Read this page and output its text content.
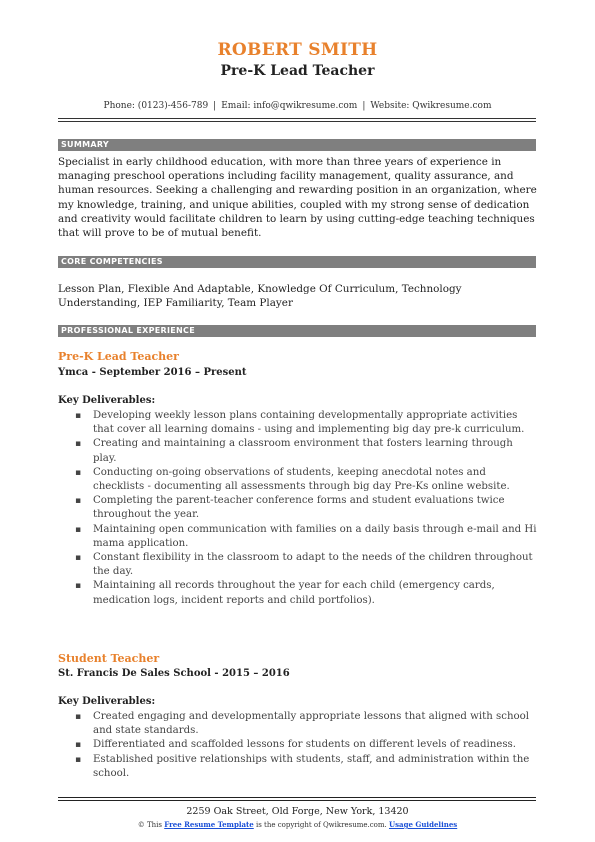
ROBERT SMITH
Pre-K Lead Teacher
Phone: (0123)-456-789 | Email: info@qwikresume.com | Website: Qwikresume.com
SUMMARY
Specialist in early childhood education, with more than three years of experience in managing preschool operations including facility management, quality assurance, and human resources. Seeking a challenging and rewarding position in an organization, where my knowledge, training, and unique abilities, coupled with my strong sense of dedication and creativity would facilitate children to learn by using cutting-edge teaching techniques that will prove to be of mutual benefit.
CORE COMPETENCIES
Lesson Plan, Flexible And Adaptable, Knowledge Of Curriculum, Technology Understanding, IEP Familiarity, Team Player
PROFESSIONAL EXPERIENCE
Pre-K Lead Teacher
Ymca - September 2016 – Present
Key Deliverables:
▪ Developing weekly lesson plans containing developmentally appropriate activities that cover all learning domains - using and implementing big day pre-k curriculum.
▪ Creating and maintaining a classroom environment that fosters learning through play.
▪ Conducting on-going observations of students, keeping anecdotal notes and checklists - documenting all assessments through big day Pre-Ks online website.
▪ Completing the parent-teacher conference forms and student evaluations twice throughout the year.
▪ Maintaining open communication with families on a daily basis through e-mail and Hi mama application.
▪ Constant flexibility in the classroom to adapt to the needs of the children throughout the day.
▪ Maintaining all records throughout the year for each child (emergency cards, medication logs, incident reports and child portfolios).
Student Teacher
St. Francis De Sales School - 2015 – 2016
Key Deliverables:
▪ Created engaging and developmentally appropriate lessons that aligned with school and state standards.
▪ Differentiated and scaffolded lessons for students on different levels of readiness.
▪ Established positive relationships with students, staff, and administration within the school.
2259 Oak Street, Old Forge, New York, 13420
© This Free Resume Template is the copyright of Qwikresume.com. Usage Guidelines
